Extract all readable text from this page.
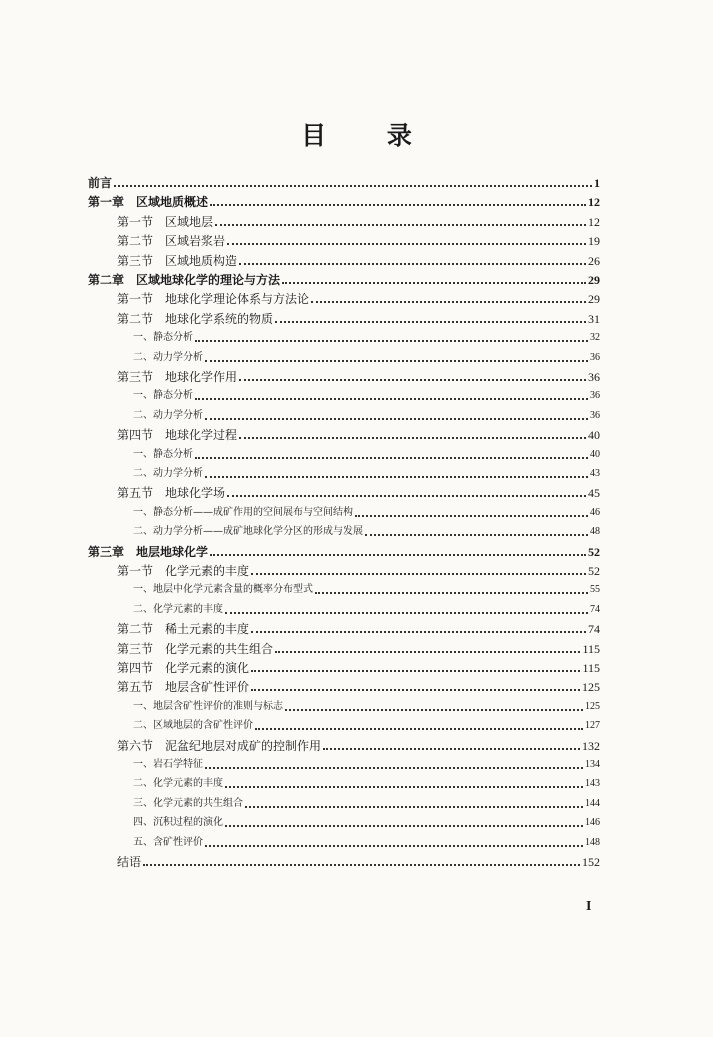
目 录
前言	1
第一章　区域地质概述	12
第一节　区域地层	12
第二节　区域岩浆岩	19
第三节　区域地质构造	26
第二章　区域地球化学的理论与方法	29
第一节　地球化学理论体系与方法论	29
第二节　地球化学系统的物质	31
一、静态分析	32
二、动力学分析	36
第三节　地球化学作用	36
一、静态分析	36
二、动力学分析	36
第四节　地球化学过程	40
一、静态分析	40
二、动力学分析	43
第五节　地球化学场	45
一、静态分析——成矿作用的空间展布与空间结构	46
二、动力学分析——成矿地球化学分区的形成与发展	48
第三章　地层地球化学	52
第一节　化学元素的丰度	52
一、地层中化学元素含量的概率分布型式	55
二、化学元素的丰度	74
第二节　稀土元素的丰度	74
第三节　化学元素的共生组合	115
第四节　化学元素的演化	115
第五节　地层含矿性评价	125
一、地层含矿性评价的准则与标志	125
二、区域地层的含矿性评价	127
第六节　泥盆纪地层对成矿的控制作用	132
一、岩石学特征	134
二、化学元素的丰度	143
三、化学元素的共生组合	144
四、沉积过程的演化	146
五、含矿性评价	148
结语	152
I
